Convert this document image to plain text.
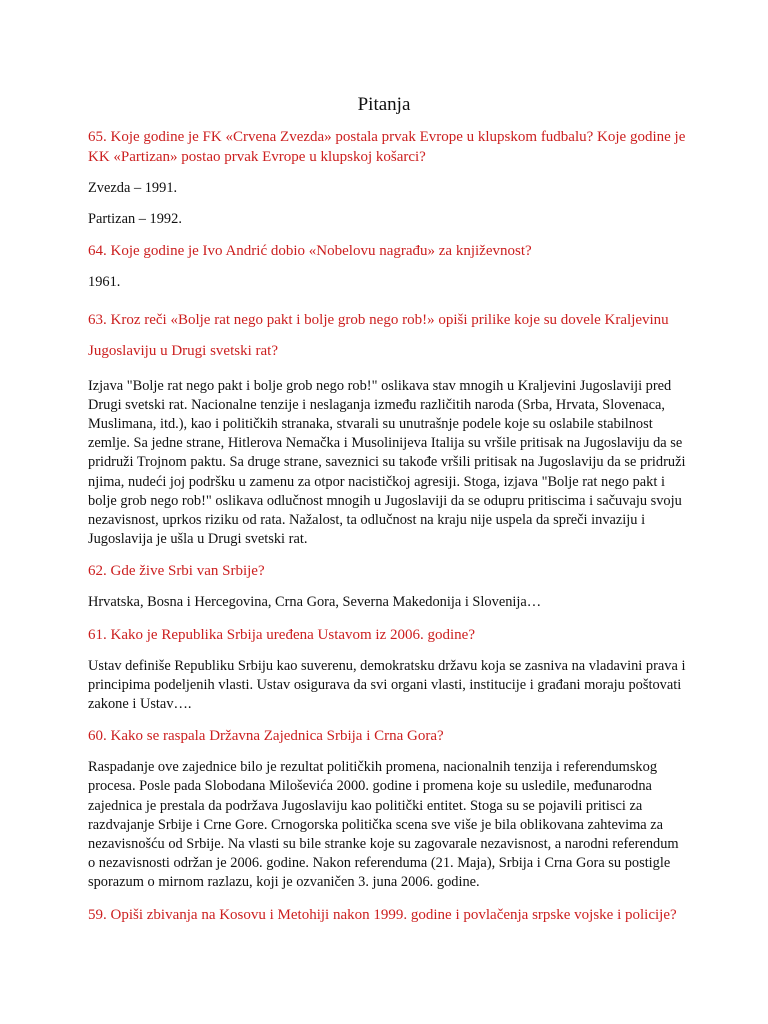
Pitanja

65. Koje godine je FK «Crvena Zvezda» postala prvak Evrope u klupskom fudbalu? Koje godine je KK «Partizan» postao prvak Evrope u klupskoj košarci?

Zvezda – 1991.

Partizan – 1992.

64. Koje godine je Ivo Andrić dobio «Nobelovu nagrađu» za književnost?

1961.

63. Kroz reči «Bolje rat nego pakt i bolje grob nego rob!» opiši prilike koje su dovele Kraljevinu Jugoslaviju u Drugi svetski rat?

Izjava "Bolje rat nego pakt i bolje grob nego rob!" oslikava stav mnogih u Kraljevini Jugoslaviji pred Drugi svetski rat. Nacionalne tenzije i neslaganja između različitih naroda (Srba, Hrvata, Slovenaca, Muslimana, itd.), kao i političkih stranaka, stvarali su unutrašnje podele koje su oslabile stabilnost zemlje. Sa jedne strane, Hitlerova Nemačka i Musolinijeva Italija su vršile pritisak na Jugoslaviju da se pridruži Trojnom paktu. Sa druge strane, saveznici su takođe vršili pritisak na Jugoslaviju da se pridruži njima, nudeći joj podršku u zamenu za otpor nacističkoj agresiji. Stoga, izjava "Bolje rat nego pakt i bolje grob nego rob!" oslikava odlučnost mnogih u Jugoslaviji da se odupru pritiscima i sačuvaju svoju nezavisnost, uprkos riziku od rata. Nažalost, ta odlučnost na kraju nije uspela da spreči invaziju i Jugoslavija je ušla u Drugi svetski rat.

62. Gde žive Srbi van Srbije?

Hrvatska, Bosna i Hercegovina, Crna Gora, Severna Makedonija i Slovenija…

61. Kako je Republika Srbija uređena Ustavom iz 2006. godine?

Ustav definiše Republiku Srbiju kao suverenu, demokratsku državu koja se zasniva na vladavini prava i principima podeljenih vlasti. Ustav osigurava da svi organi vlasti, institucije i građani moraju poštovati zakone i Ustav….

60. Kako se raspala Državna Zajednica Srbija i Crna Gora?

Raspadanje ove zajednice bilo je rezultat političkih promena, nacionalnih tenzija i referendumskog procesa. Posle pada Slobodana Miloševića 2000. godine i promena koje su usledile, međunarodna zajednica je prestala da podržava Jugoslaviju kao politički entitet. Stoga su se pojavili pritisci za razdvajanje Srbije i Crne Gore. Crnogorska politička scena sve više je bila oblikovana zahtevima za nezavisnošću od Srbije. Na vlasti su bile stranke koje su zagovarale nezavisnost, a narodni referendum o nezavisnosti održan je 2006. godine. Nakon referenduma (21. Maja), Srbija i Crna Gora su postigle sporazum o mirnom razlazu, koji je ozvaničen 3. juna 2006. godine.

59. Opiši zbivanja na Kosovu i Metohiji nakon 1999. godine i povlačenja srpske vojske i policije?
